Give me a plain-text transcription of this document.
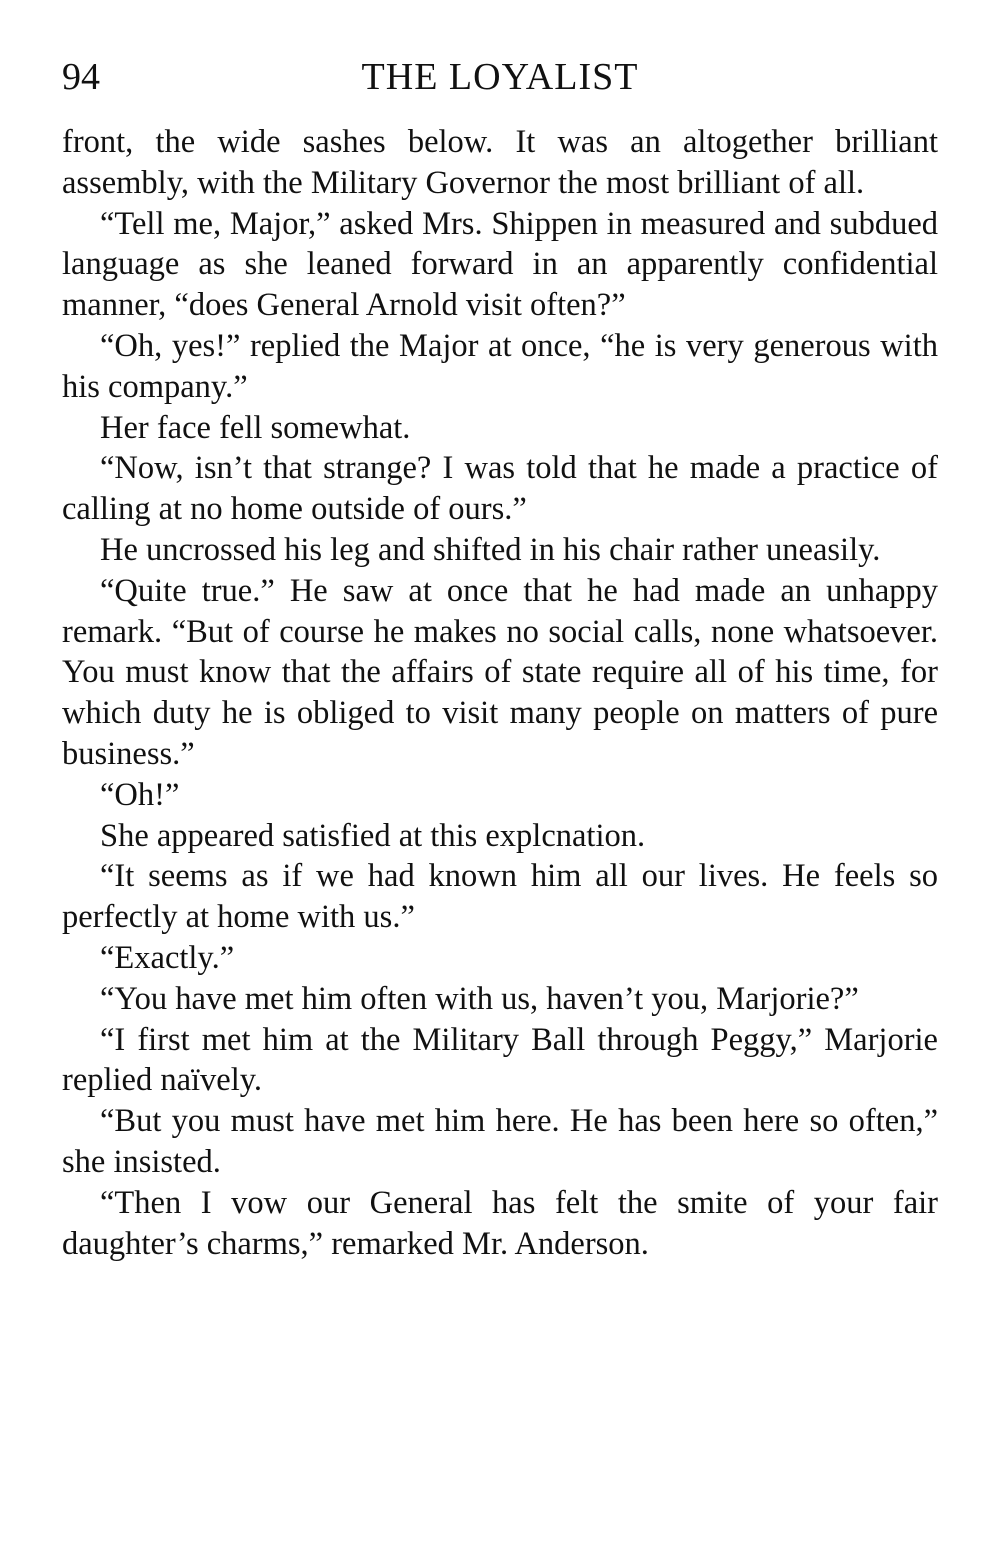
94	THE LOYALIST

front, the wide sashes below. It was an altogether brilliant assembly, with the Military Governor the most brilliant of all.

“Tell me, Major,” asked Mrs. Shippen in measured and subdued language as she leaned forward in an apparently confidential manner, “does General Arnold visit often?”

“Oh, yes!” replied the Major at once, “he is very generous with his company.”

Her face fell somewhat.

“Now, isn’t that strange? I was told that he made a practice of calling at no home outside of ours.”

He uncrossed his leg and shifted in his chair rather uneasily.

“Quite true.” He saw at once that he had made an unhappy remark. “But of course he makes no social calls, none whatsoever. You must know that the affairs of state require all of his time, for which duty he is obliged to visit many people on matters of pure business.”

“Oh!”

She appeared satisfied at this explcnation.

“It seems as if we had known him all our lives. He feels so perfectly at home with us.”

“Exactly.”

“You have met him often with us, haven’t you, Marjorie?”

“I first met him at the Military Ball through Peggy,” Marjorie replied naïvely.

“But you must have met him here. He has been here so often,” she insisted.

“Then I vow our General has felt the smite of your fair daughter’s charms,” remarked Mr. Anderson.
